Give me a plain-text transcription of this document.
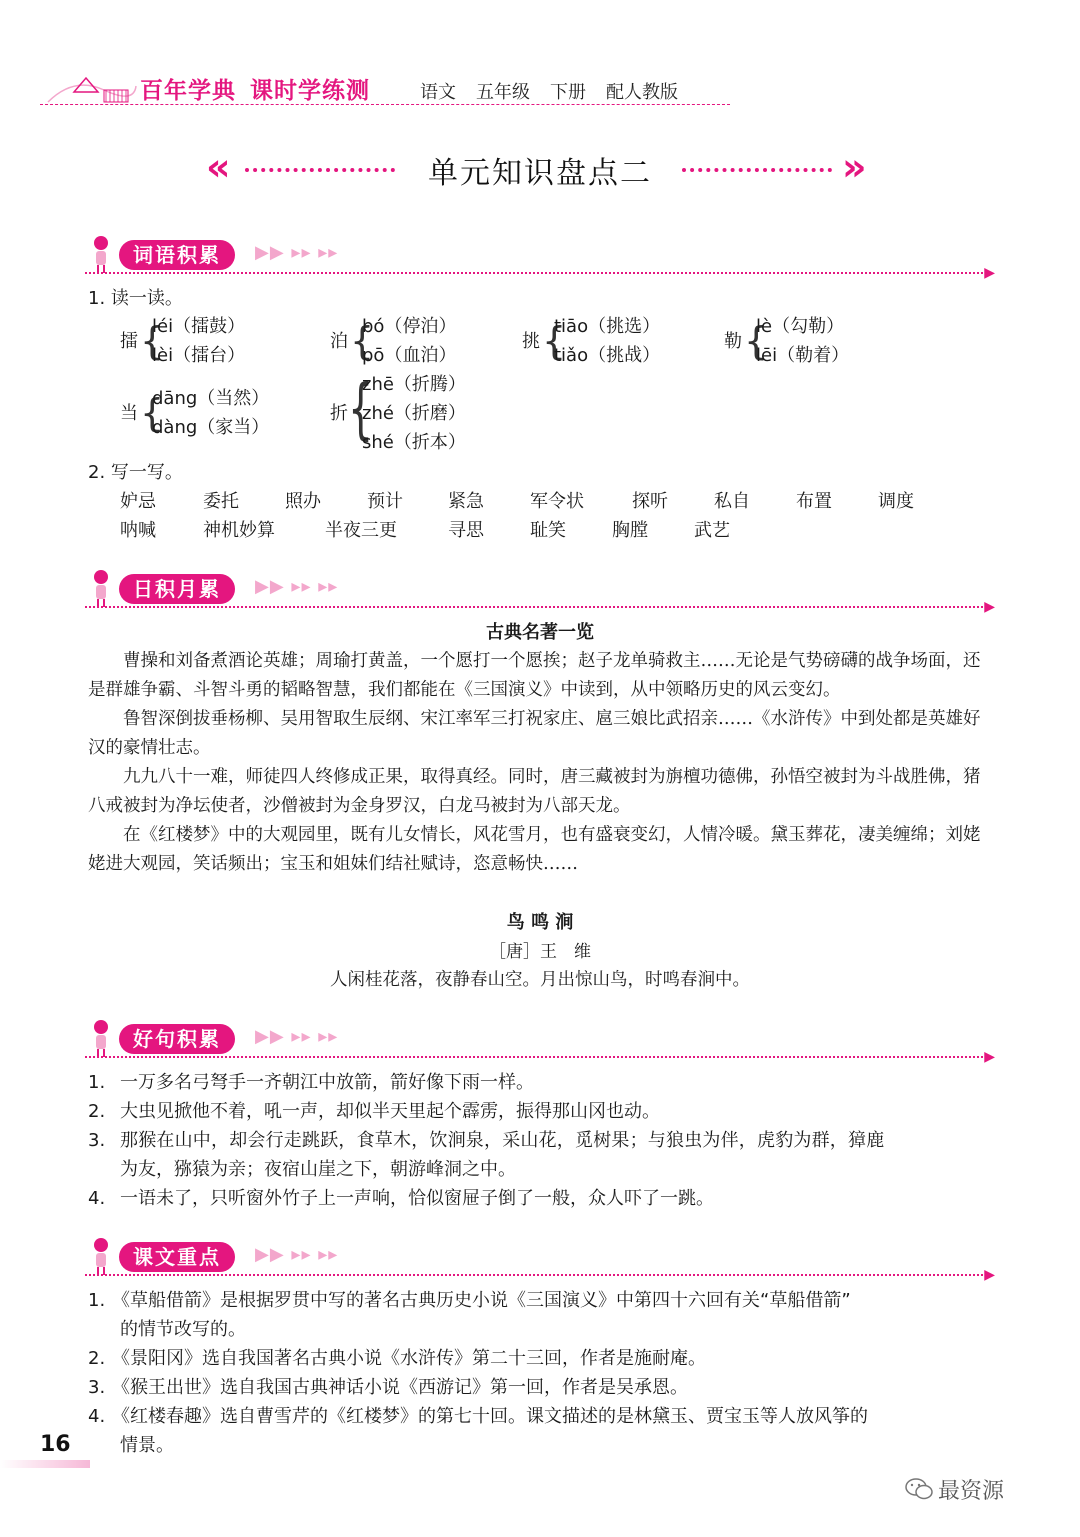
百年学典 课时学练测	语文 五年级 下册 配人教版
«	单元知识盘点二	»
词语积累	▶▶ ▸▸ ▸▸
▶
1. 读一读。
擂 {
léi（擂鼓）
lèi（擂台）
泊 {
bó（停泊）
pō（血泊）
挑 {
tiāo（挑选）
tiǎo（挑战）
勒 {
lè（勾勒）
lēi（勒着）
当 {
dāng（当然）
dàng（家当）
折 {
zhē（折腾）
zhé（折磨）
shé（折本）
2. 写一写。
妒忌	委托	照办	预计	紧急	军令状	探听	私自	布置	调度
呐喊	神机妙算	半夜三更	寻思	耻笑	胸膛	武艺
日积月累	▶▶ ▸▸ ▸▸
▶
古典名著一览

曹操和刘备煮酒论英雄；周瑜打黄盖，一个愿打一个愿挨；赵子龙单骑救主……无论是气势磅礴的战争场面，还是群雄争霸、斗智斗勇的韬略智慧，我们都能在《三国演义》中读到，从中领略历史的风云变幻。

鲁智深倒拔垂杨柳、吴用智取生辰纲、宋江率军三打祝家庄、扈三娘比武招亲……《水浒传》中到处都是英雄好汉的豪情壮志。

九九八十一难，师徒四人终修成正果，取得真经。同时，唐三藏被封为旃檀功德佛，孙悟空被封为斗战胜佛，猪八戒被封为净坛使者，沙僧被封为金身罗汉，白龙马被封为八部天龙。

在《红楼梦》中的大观园里，既有儿女情长，风花雪月，也有盛衰变幻，人情冷暖。黛玉葬花，凄美缠绵；刘姥姥进大观园，笑话频出；宝玉和姐妹们结社赋诗，恣意畅快……

鸟 鸣 涧
［唐］王　维
人闲桂花落，夜静春山空。月出惊山鸟，时鸣春涧中。
好句积累	▶▶ ▸▸ ▸▸
▶
1. 一万多名弓弩手一齐朝江中放箭，箭好像下雨一样。
2. 大虫见掀他不着，吼一声，却似半天里起个霹雳，振得那山冈也动。
3. 那猴在山中，却会行走跳跃，食草木，饮涧泉，采山花，觅树果；与狼虫为伴，虎豹为群，獐鹿
为友，猕猿为亲；夜宿山崖之下，朝游峰洞之中。
4. 一语未了，只听窗外竹子上一声响，恰似窗屉子倒了一般，众人吓了一跳。
课文重点	▶▶ ▸▸ ▸▸
▶
1. 《草船借箭》是根据罗贯中写的著名古典历史小说《三国演义》中第四十六回有关“草船借箭”
的情节改写的。
2. 《景阳冈》选自我国著名古典小说《水浒传》第二十三回，作者是施耐庵。
3. 《猴王出世》选自我国古典神话小说《西游记》第一回，作者是吴承恩。
4. 《红楼春趣》选自曹雪芹的《红楼梦》的第七十回。课文描述的是林黛玉、贾宝玉等人放风筝的
情景。
16
最资源
